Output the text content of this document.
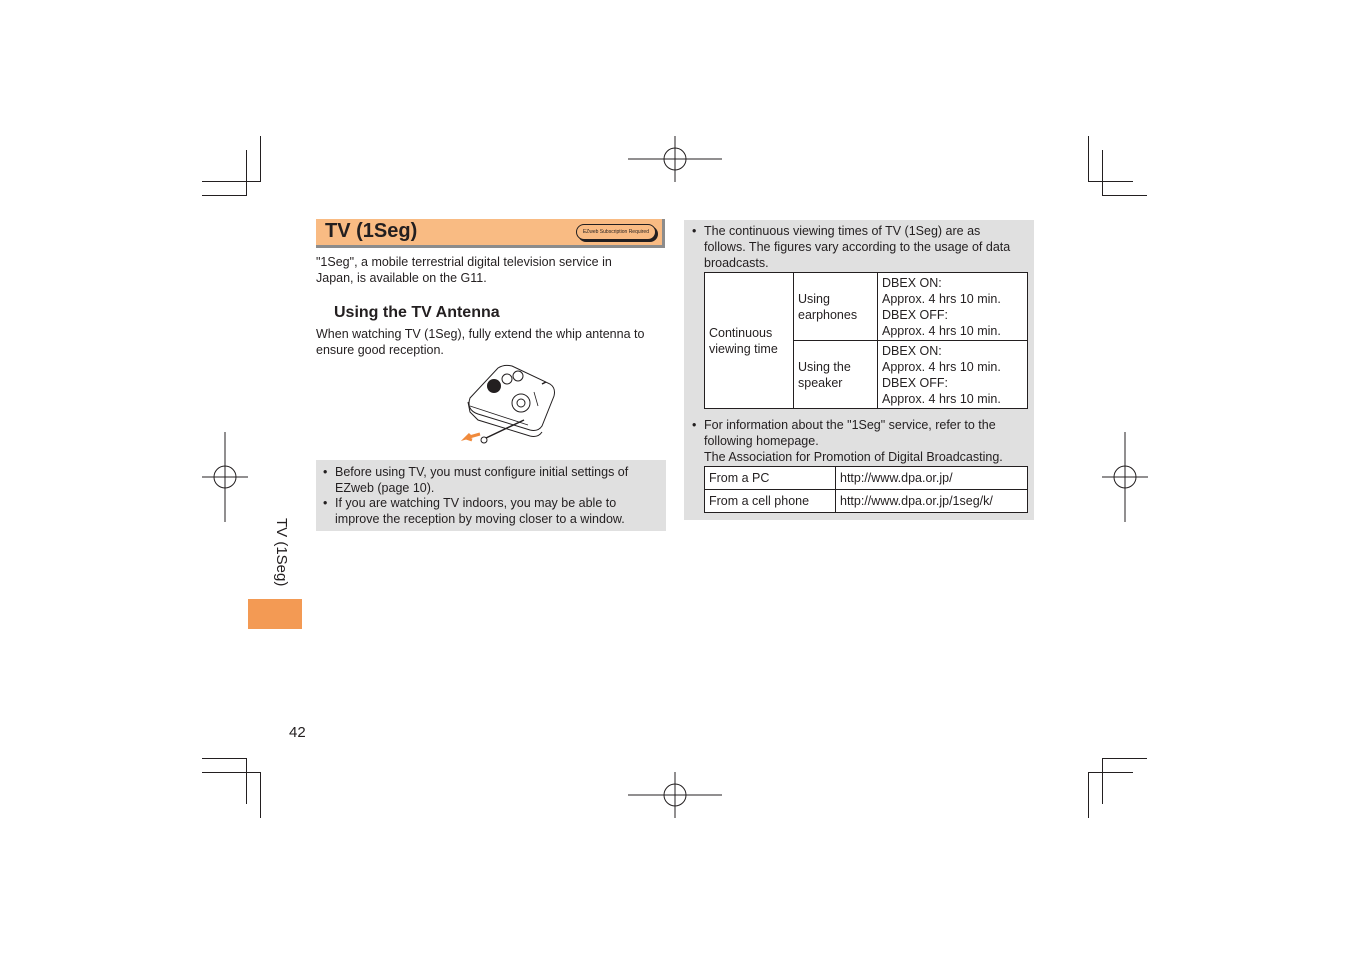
TV (1Seg)	EZweb Subscription Required
"1Seg", a mobile terrestrial digital television service in Japan, is available on the G11.
Using the TV Antenna
When watching TV (1Seg), fully extend the whip antenna to ensure good reception.
• Before using TV, you must configure initial settings of EZweb (page 10).
• If you are watching TV indoors, you may be able to improve the reception by moving closer to a window.
• The continuous viewing times of TV (1Seg) are as follows. The figures vary according to the usage of data broadcasts.
Continuous viewing time	Using earphones	DBEX ON:
Approx. 4 hrs 10 min.
DBEX OFF:
Approx. 4 hrs 10 min.

	Using the speaker	DBEX ON:
Approx. 4 hrs 10 min.
DBEX OFF:
Approx. 4 hrs 10 min.
• For information about the "1Seg" service, refer to the following homepage.
The Association for Promotion of Digital Broadcasting.
From a PC	http://www.dpa.or.jp/
From a cell phone	http://www.dpa.or.jp/1seg/k/
TV (1Seg)
42
